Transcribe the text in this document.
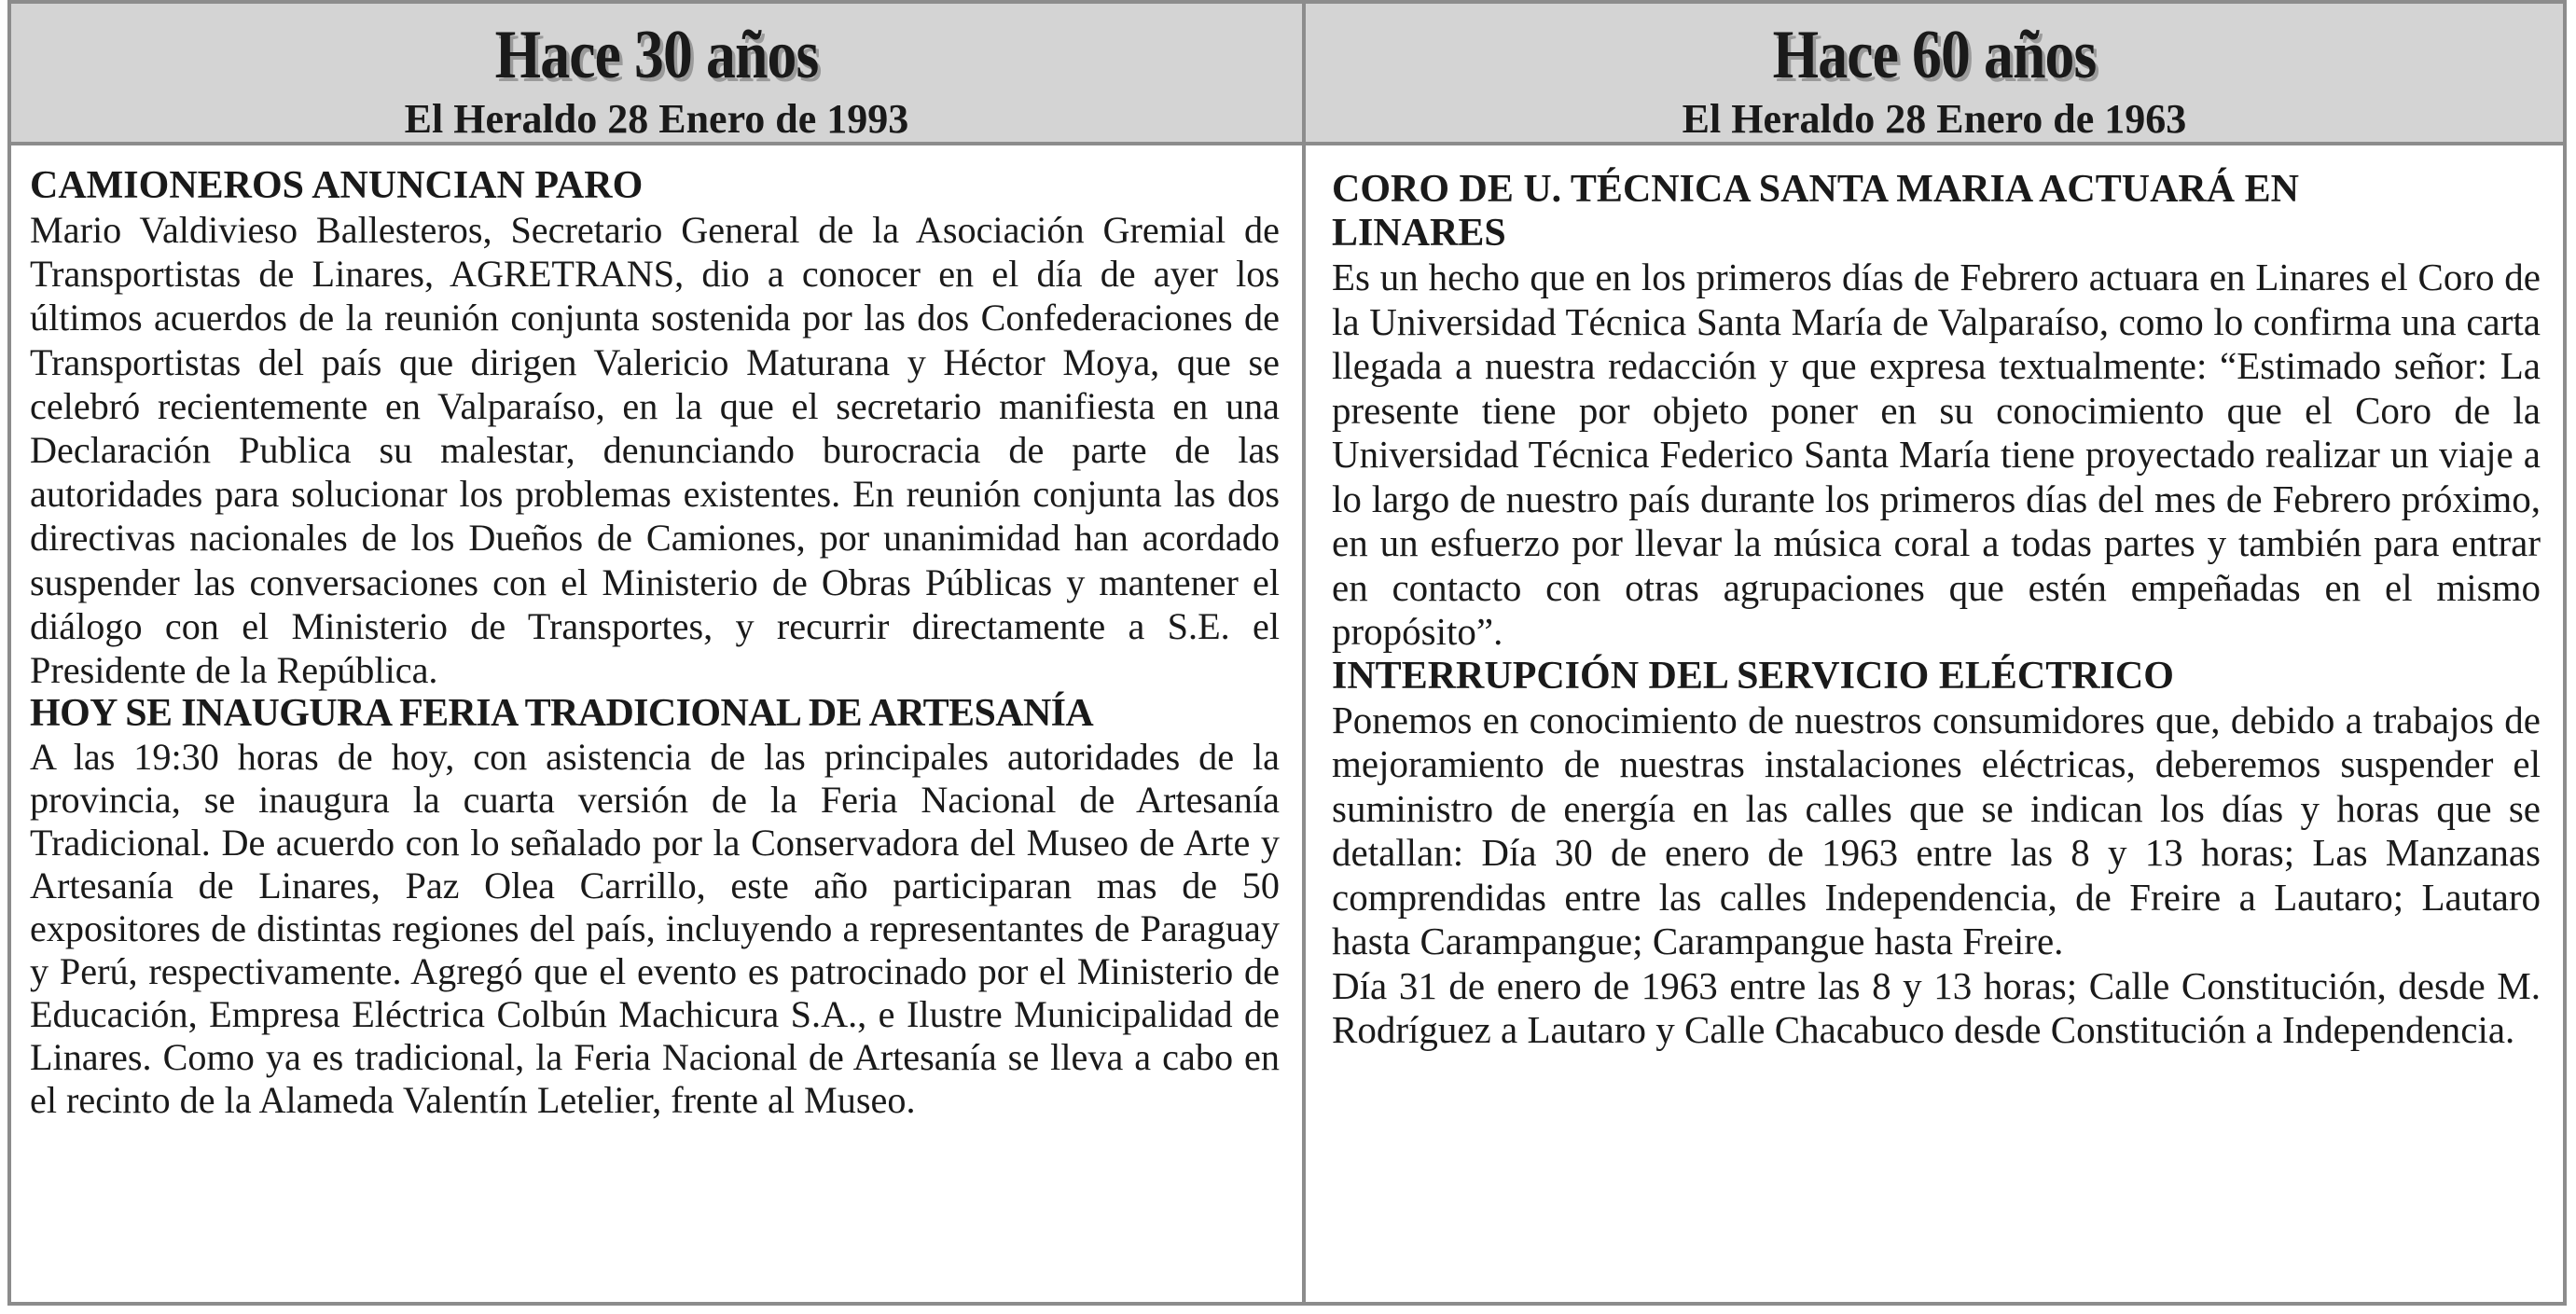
Hace 30 años
El Heraldo 28 Enero de 1993
CAMIONEROS ANUNCIAN PARO

Mario Valdivieso Ballesteros, Secretario General de la Asociación Gremial de Transportistas de Linares, AGRETRANS, dio a conocer en el día de ayer los últimos acuerdos de la reunión conjunta sostenida por las dos Confederaciones de Transportistas del país que dirigen Valericio Maturana y Héctor Moya, que se celebró recientemente en Valparaíso, en la que el secretario manifiesta en una Declaración Publica su malestar, denunciando burocracia de parte de las autoridades para solucionar los problemas existentes. En reunión conjunta las dos directivas nacionales de los Dueños de Camiones, por unanimidad han acordado suspender las conversaciones con el Ministerio de Obras Públicas y mantener el diálogo con el Ministerio de Transportes, y recurrir directamente a S.E. el Presidente de la República.

HOY SE INAUGURA FERIA TRADICIONAL DE ARTESANÍA

A las 19:30 horas de hoy, con asistencia de las principales autoridades de la provincia, se inaugura la cuarta versión de la Feria Nacional de Artesanía Tradicional. De acuerdo con lo señalado por la Conservadora del Museo de Arte y Artesanía de Linares, Paz Olea Carrillo, este año participaran mas de 50 expositores de distintas regiones del país, incluyendo a representantes de Paraguay y Perú, respectivamente. Agregó que el evento es patrocinado por el Ministerio de Educación, Empresa Eléctrica Colbún Machicura S.A., e Ilustre Municipalidad de Linares. Como ya es tradicional, la Feria Nacional de Artesanía se lleva a cabo en el recinto de la Alameda Valentín Letelier, frente al Museo.

Hace 60 años
El Heraldo 28 Enero de 1963
CORO DE U. TÉCNICA SANTA MARIA ACTUARÁ EN LINARES

Es un hecho que en los primeros días de Febrero actuara en Linares el Coro de la Universidad Técnica Santa María de Valparaíso, como lo confirma una carta llegada a nuestra redacción y que expresa textualmente: “Estimado señor: La presente tiene por objeto poner en su conocimiento que el Coro de la Universidad Técnica Federico Santa María tiene proyectado realizar un viaje a lo largo de nuestro país durante los primeros días del mes de Febrero próximo, en un esfuerzo por llevar la música coral a todas partes y también para entrar en contacto con otras agrupaciones que estén empeñadas en el mismo propósito”.

INTERRUPCIÓN DEL SERVICIO ELÉCTRICO

Ponemos en conocimiento de nuestros consumidores que, debido a trabajos de mejoramiento de nuestras instalaciones eléctricas, deberemos suspender el suministro de energía en las calles que se indican los días y horas que se detallan: Día 30 de enero de 1963 entre las 8 y 13 horas; Las Manzanas comprendidas entre las calles Independencia, de Freire a Lautaro; Lautaro hasta Carampangue; Carampangue hasta Freire.

Día 31 de enero de 1963 entre las 8 y 13 horas; Calle Constitución, desde M. Rodríguez a Lautaro y Calle Chacabuco desde Constitución a Independencia.
